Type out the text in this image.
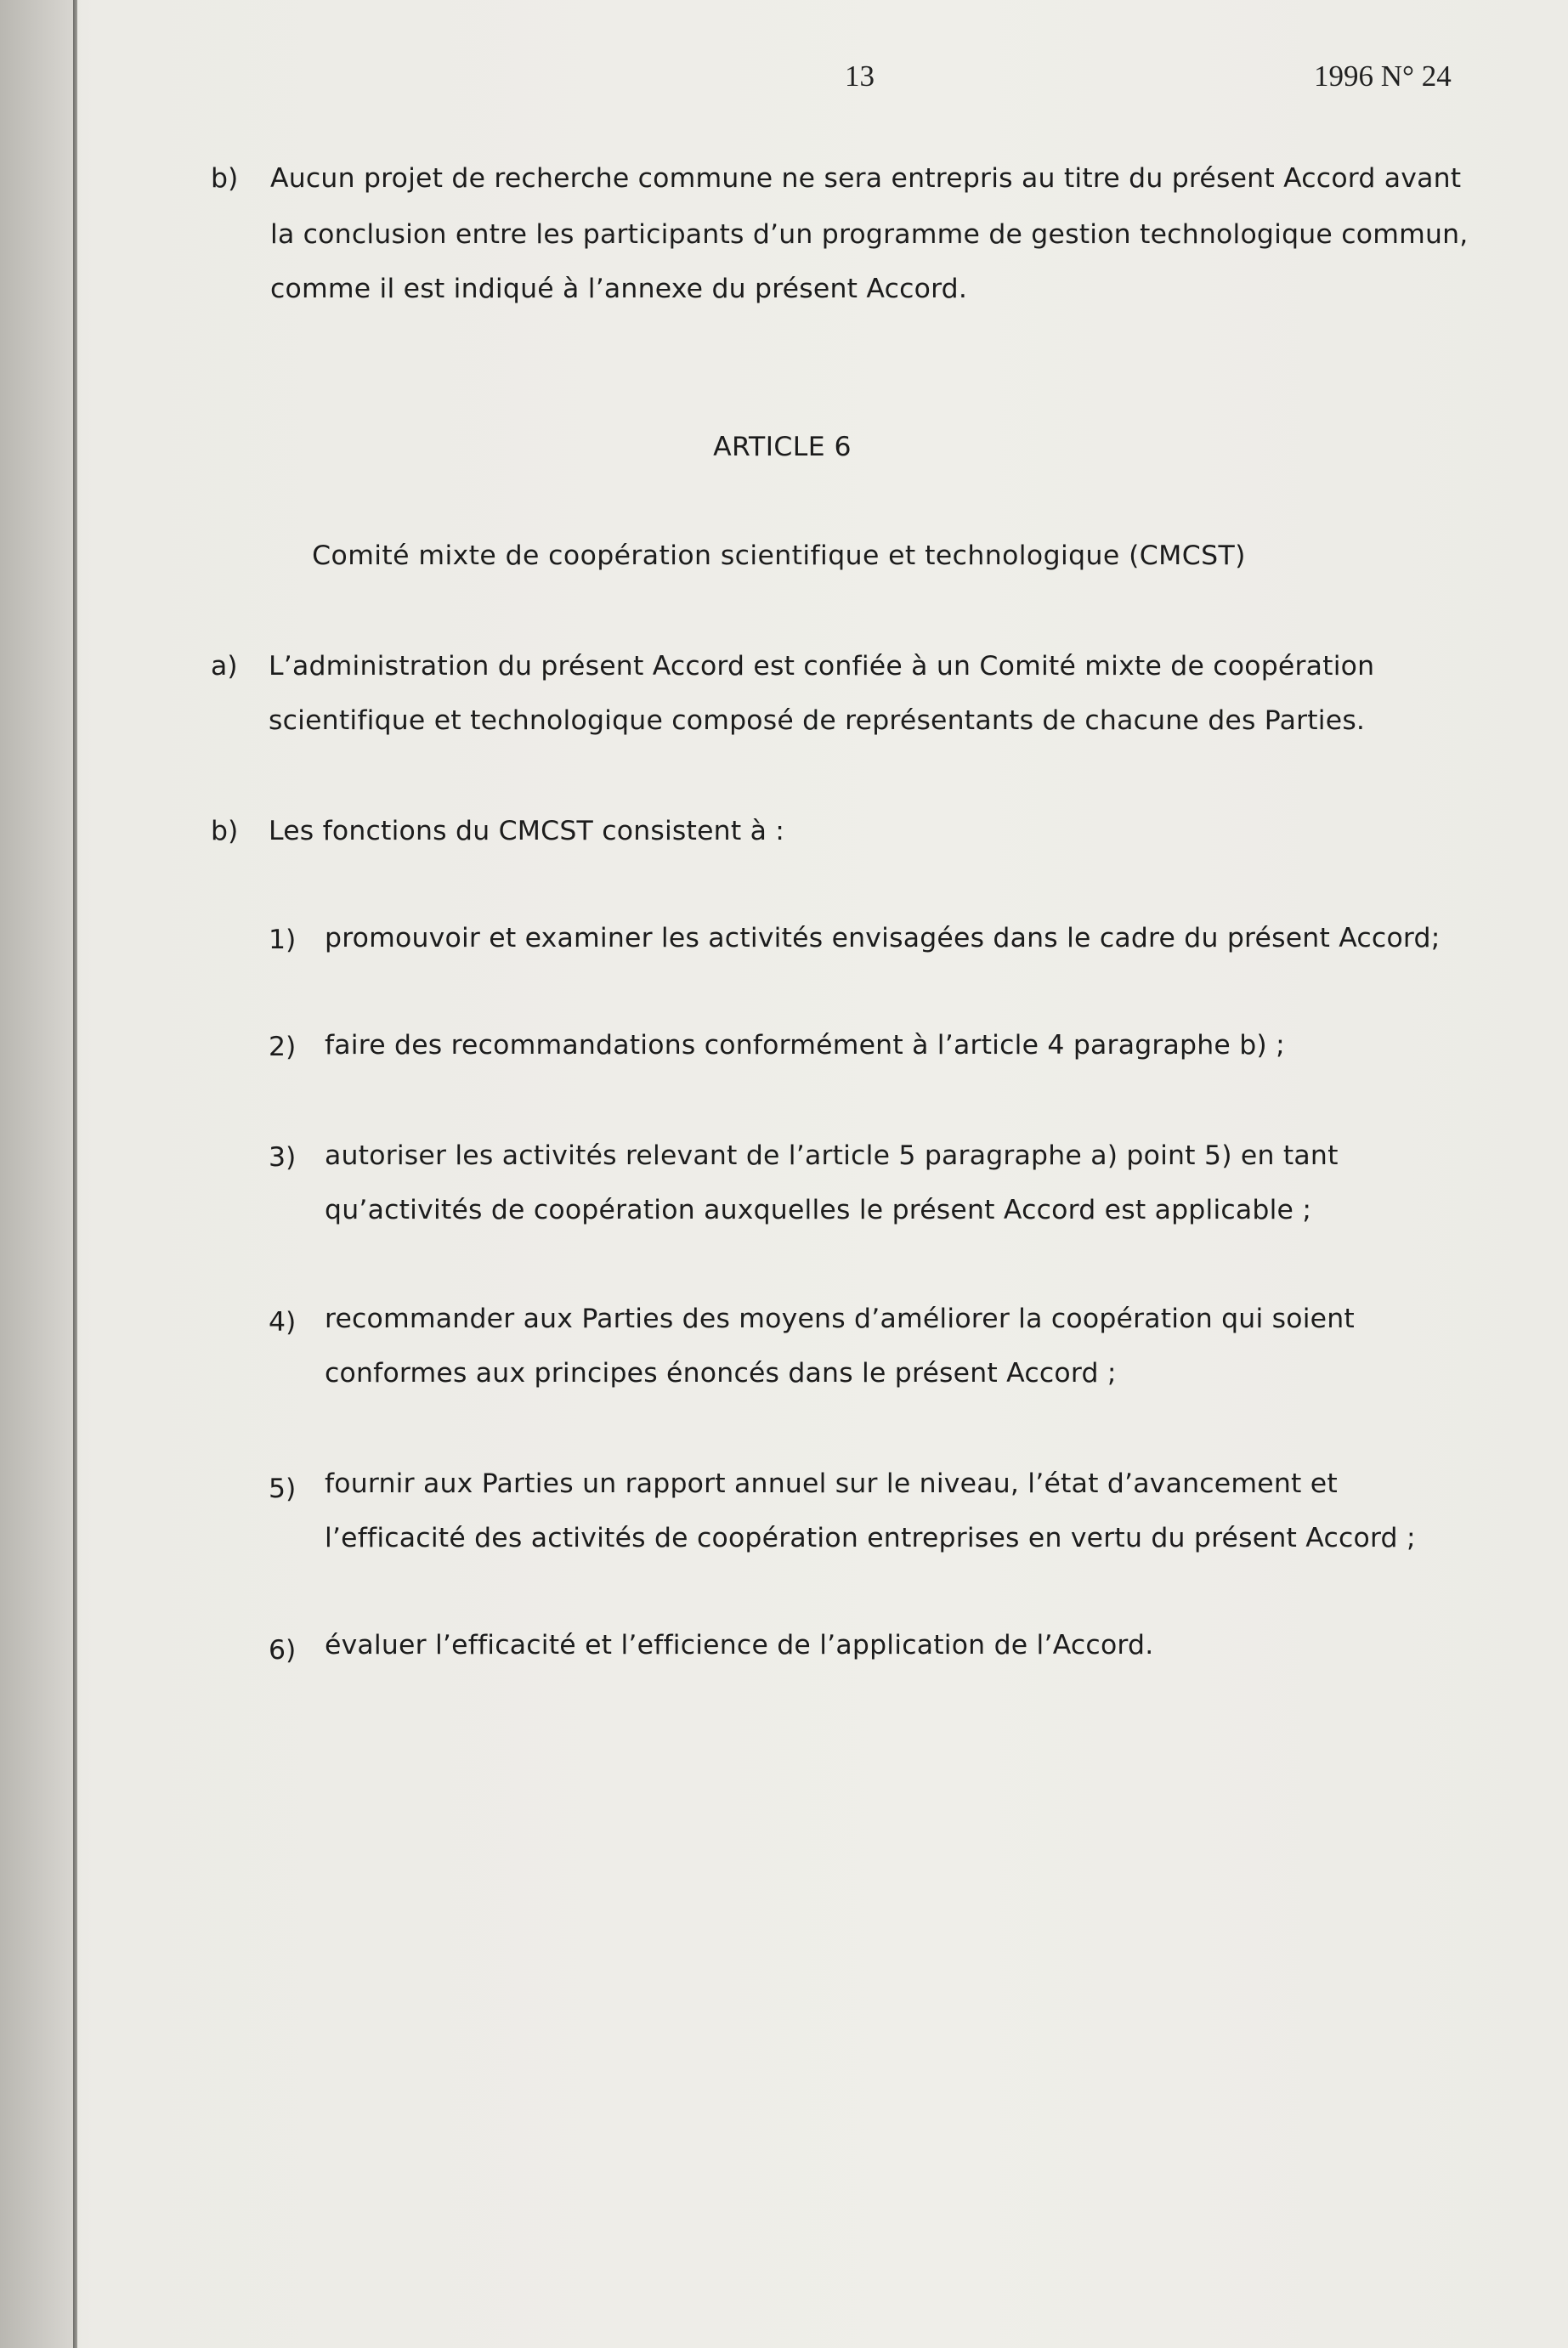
13	1996 N° 24
b) Aucun projet de recherche commune ne sera entrepris au titre du présent Accord avant
la conclusion entre les participants d’un programme de gestion technologique commun,
comme il est indiqué à l’annexe du présent Accord.
ARTICLE 6
Comité mixte de coopération scientifique et technologique (CMCST)
a) L’administration du présent Accord est confiée à un Comité mixte de coopération
scientifique et technologique composé de représentants de chacune des Parties.
b) Les fonctions du CMCST consistent à :
1) promouvoir et examiner les activités envisagées dans le cadre du présent Accord;
2) faire des recommandations conformément à l’article 4 paragraphe b) ;
3) autoriser les activités relevant de l’article 5 paragraphe a) point 5) en tant
qu’activités de coopération auxquelles le présent Accord est applicable ;
4) recommander aux Parties des moyens d’améliorer la coopération qui soient
conformes aux principes énoncés dans le présent Accord ;
5) fournir aux Parties un rapport annuel sur le niveau, l’état d’avancement et
l’efficacité des activités de coopération entreprises en vertu du présent Accord ;
6) évaluer l’efficacité et l’efficience de l’application de l’Accord.
